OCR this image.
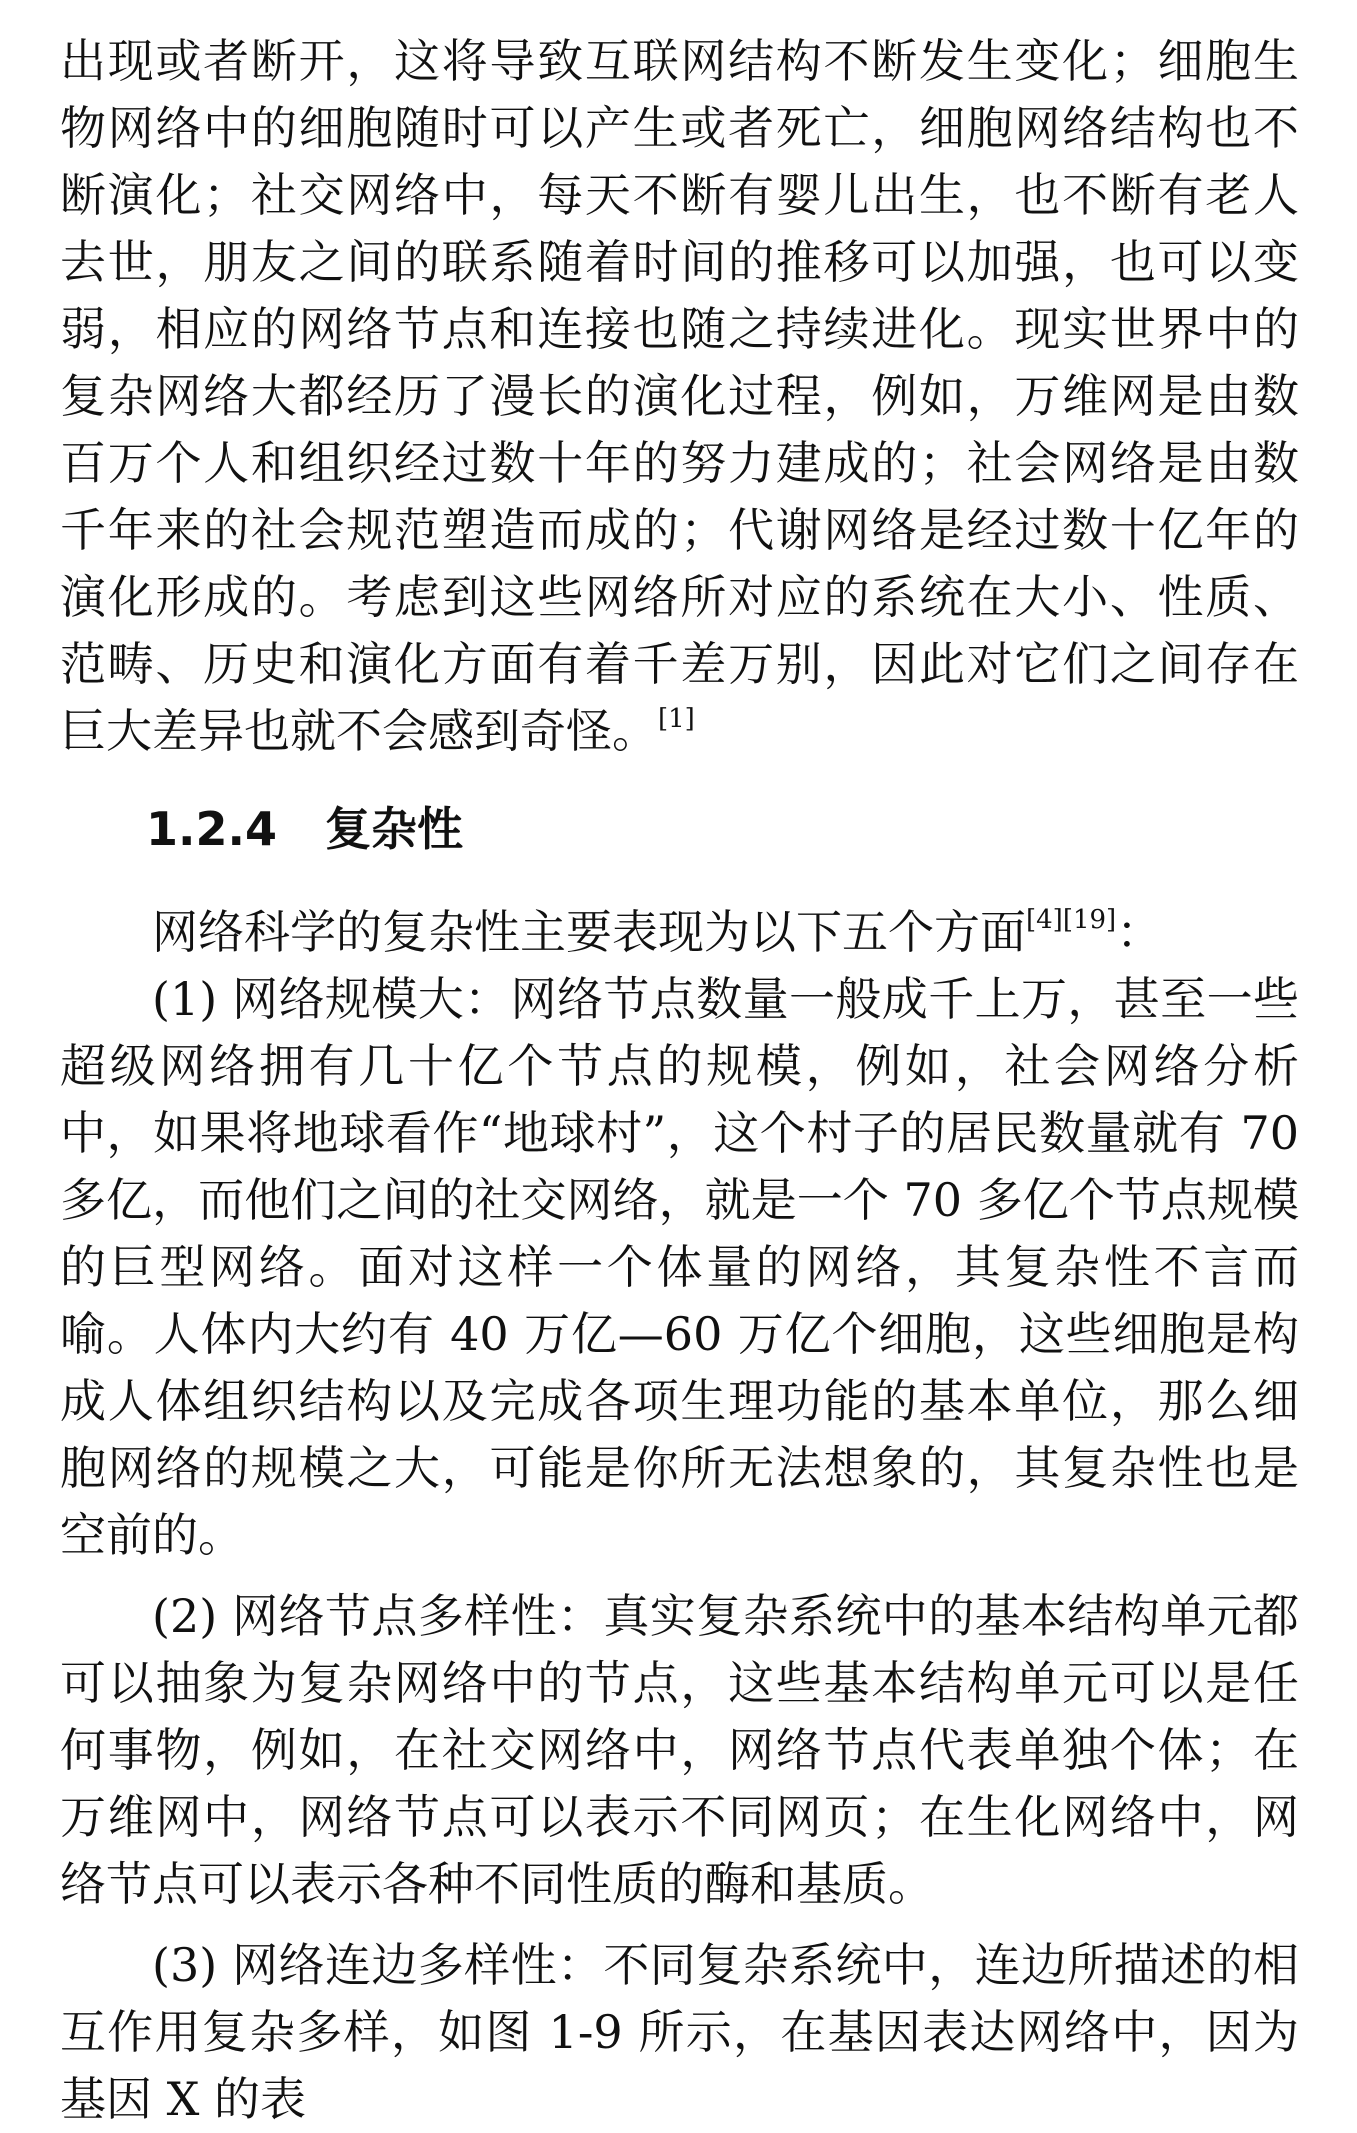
出现或者断开，这将导致互联网结构不断发生变化；细胞生物网络中的细胞随时可以产生或者死亡，细胞网络结构也不断演化；社交网络中，每天不断有婴儿出生，也不断有老人去世，朋友之间的联系随着时间的推移可以加强，也可以变弱，相应的网络节点和连接也随之持续进化。现实世界中的复杂网络大都经历了漫长的演化过程，例如，万维网是由数百万个人和组织经过数十年的努力建成的；社会网络是由数千年来的社会规范塑造而成的；代谢网络是经过数十亿年的演化形成的。考虑到这些网络所对应的系统在大小、性质、范畴、历史和演化方面有着千差万别，因此对它们之间存在巨大差异也就不会感到奇怪。[1]

1.2.4 复杂性

网络科学的复杂性主要表现为以下五个方面[4][19]：

(1) 网络规模大：网络节点数量一般成千上万，甚至一些超级网络拥有几十亿个节点的规模，例如，社会网络分析中，如果将地球看作“地球村”，这个村子的居民数量就有 70 多亿，而他们之间的社交网络，就是一个 70 多亿个节点规模的巨型网络。面对这样一个体量的网络，其复杂性不言而喻。人体内大约有 40 万亿—60 万亿个细胞，这些细胞是构成人体组织结构以及完成各项生理功能的基本单位，那么细胞网络的规模之大，可能是你所无法想象的，其复杂性也是空前的。

(2) 网络节点多样性：真实复杂系统中的基本结构单元都可以抽象为复杂网络中的节点，这些基本结构单元可以是任何事物，例如，在社交网络中，网络节点代表单独个体；在万维网中，网络节点可以表示不同网页；在生化网络中，网络节点可以表示各种不同性质的酶和基质。

(3) 网络连边多样性：不同复杂系统中，连边所描述的相互作用复杂多样，如图 1-9 所示，在基因表达网络中，因为基因 X 的表
